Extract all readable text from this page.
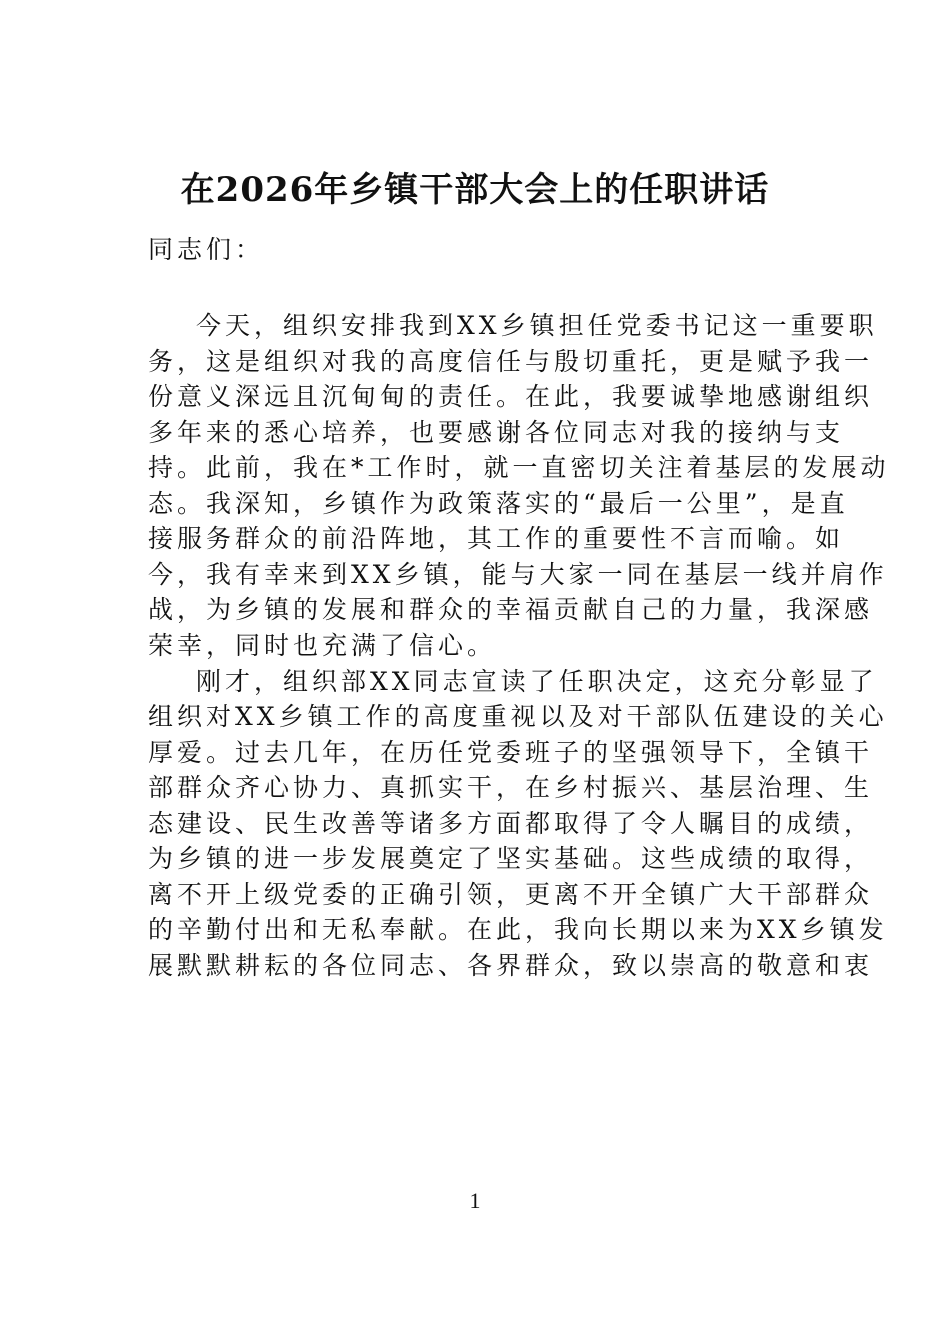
在2026年乡镇干部大会上的任职讲话
同志们：
今天，组织安排我到XX乡镇担任党委书记这一重要职
务，这是组织对我的高度信任与殷切重托，更是赋予我一
份意义深远且沉甸甸的责任。在此，我要诚挚地感谢组织
多年来的悉心培养，也要感谢各位同志对我的接纳与支
持。此前，我在*工作时，就一直密切关注着基层的发展动
态。我深知，乡镇作为政策落实的“最后一公里”，是直
接服务群众的前沿阵地，其工作的重要性不言而喻。如
今，我有幸来到XX乡镇，能与大家一同在基层一线并肩作
战，为乡镇的发展和群众的幸福贡献自己的力量，我深感
荣幸，同时也充满了信心。
刚才，组织部XX同志宣读了任职决定，这充分彰显了
组织对XX乡镇工作的高度重视以及对干部队伍建设的关心
厚爱。过去几年，在历任党委班子的坚强领导下，全镇干
部群众齐心协力、真抓实干，在乡村振兴、基层治理、生
态建设、民生改善等诸多方面都取得了令人瞩目的成绩，
为乡镇的进一步发展奠定了坚实基础。这些成绩的取得，
离不开上级党委的正确引领，更离不开全镇广大干部群众
的辛勤付出和无私奉献。在此，我向长期以来为XX乡镇发
展默默耕耘的各位同志、各界群众，致以崇高的敬意和衷
1
